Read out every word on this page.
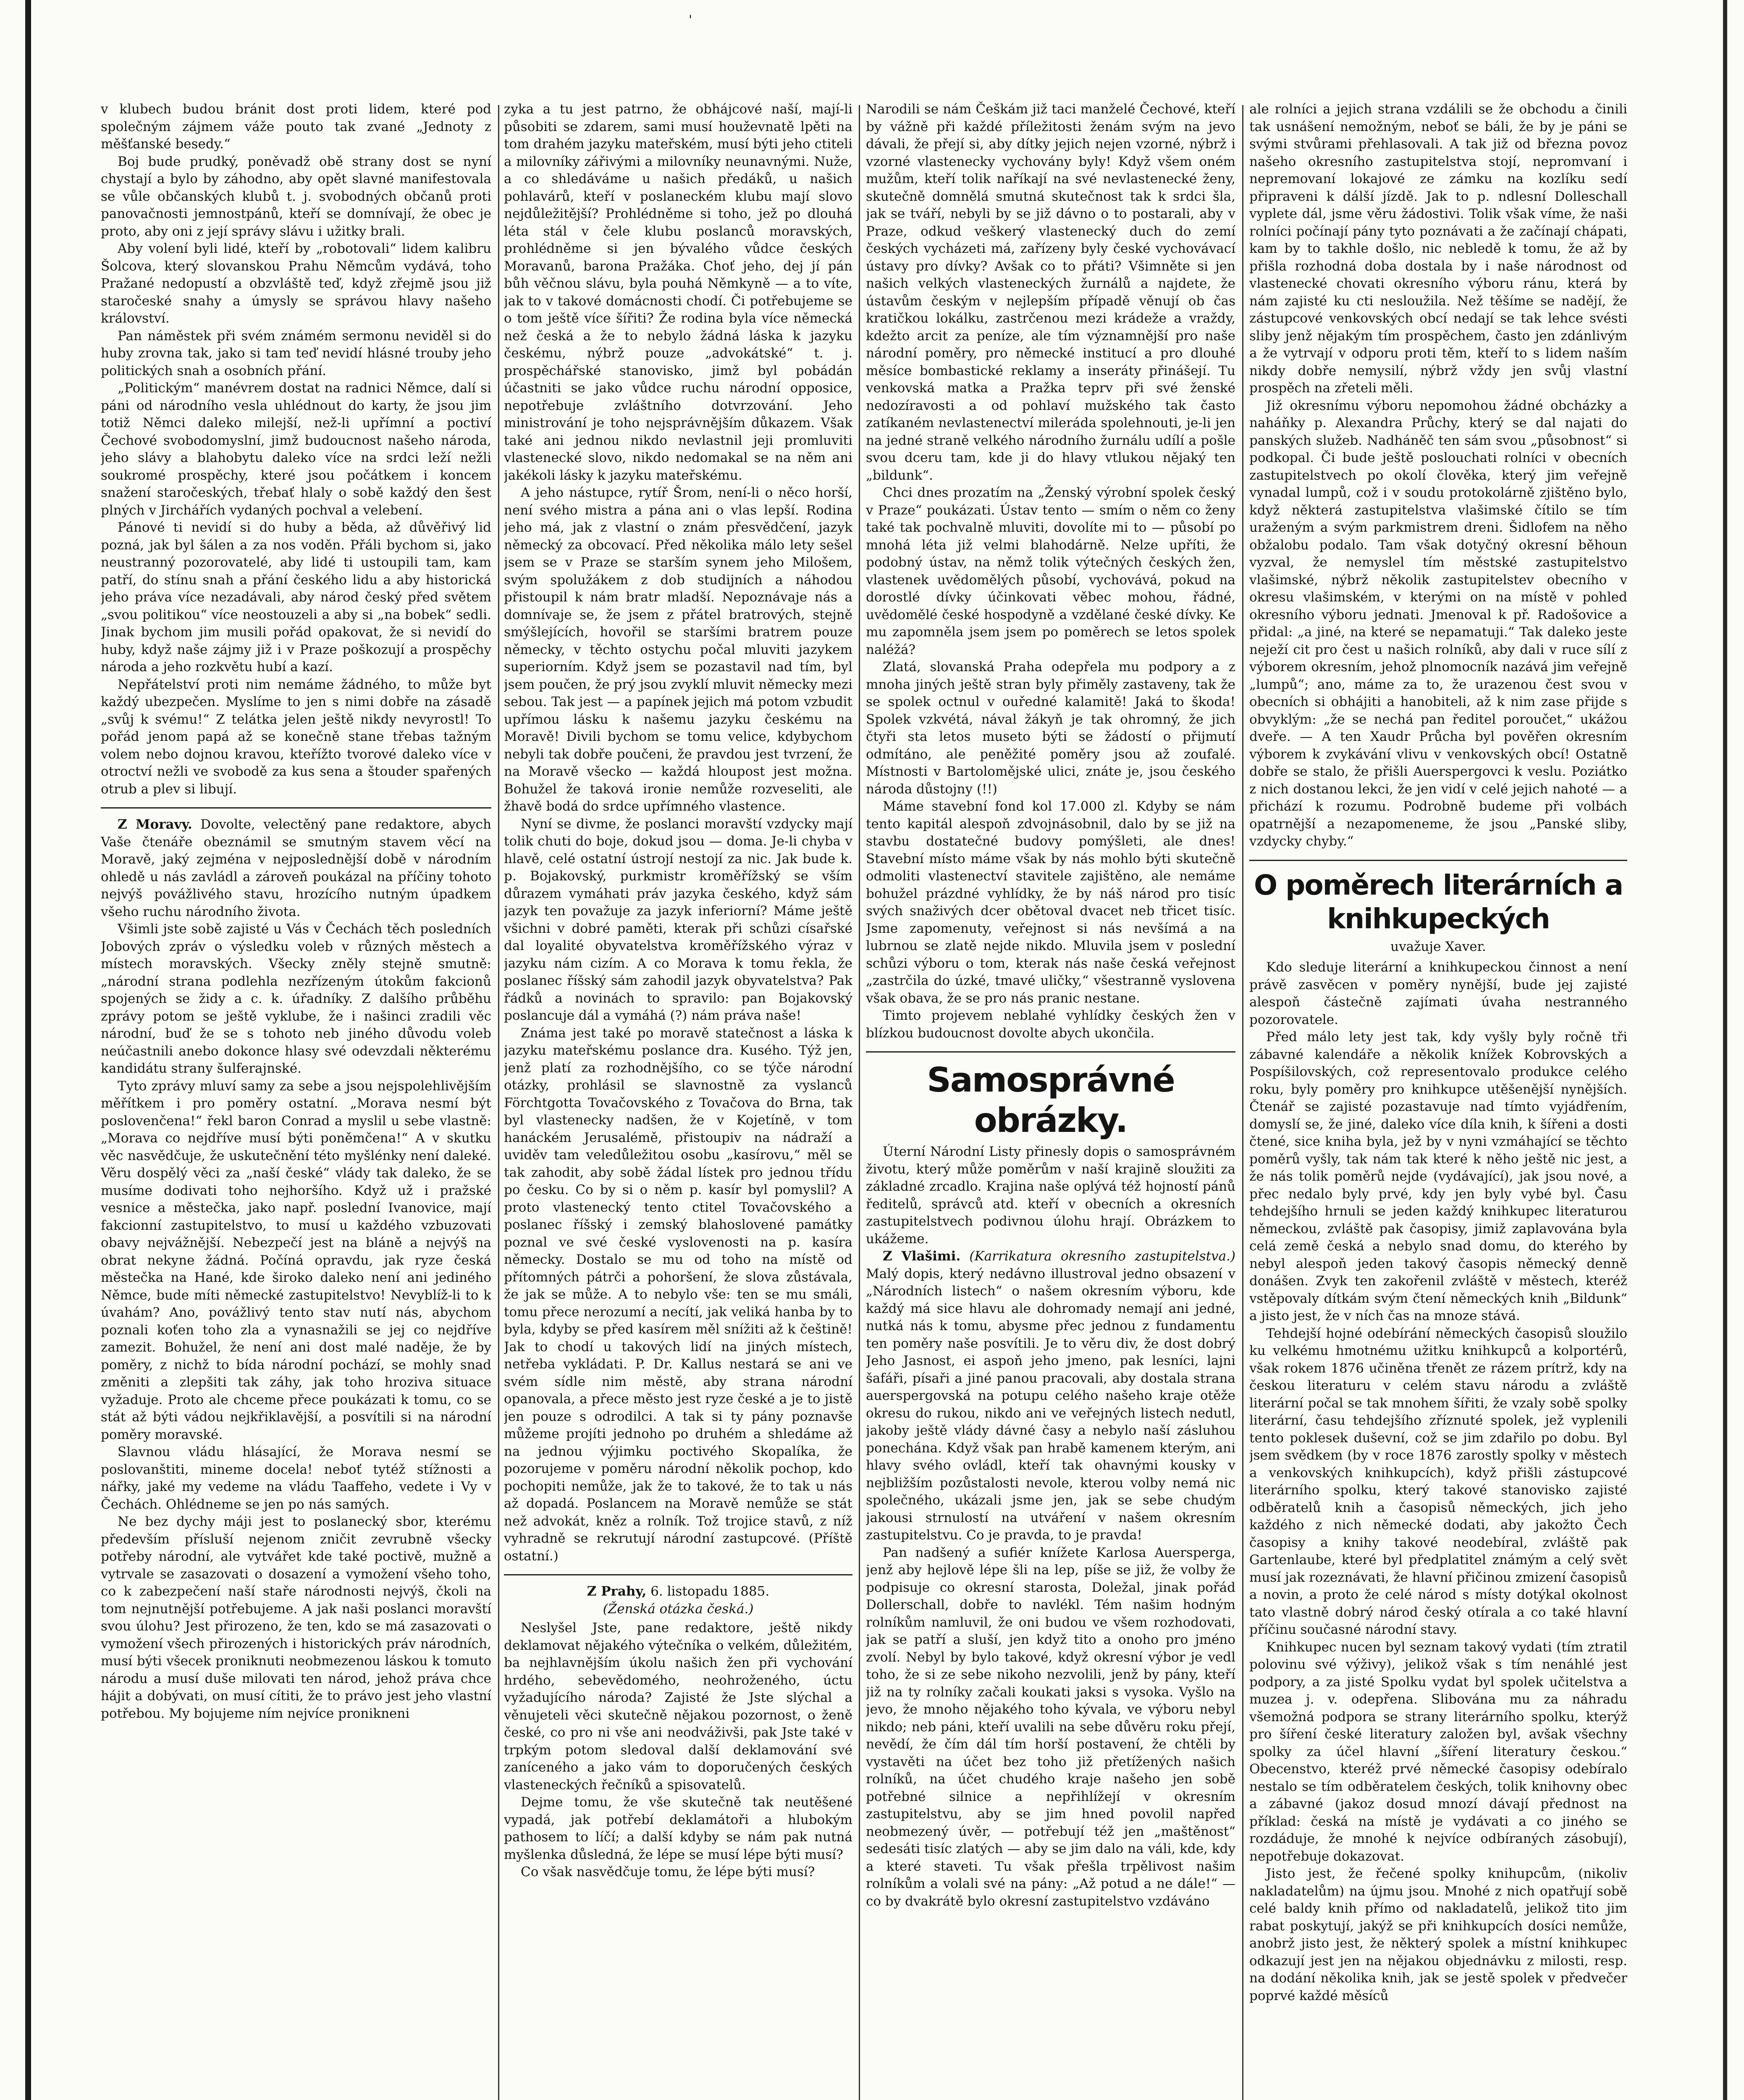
v klubech budou bránit dost proti lidem, které pod společným zájmem váže pouto tak zvané „Jednoty z měšťanské besedy.“

Boj bude prudký, poněvadž obě strany dost se nyní chystají a bylo by záhodno, aby opět slavné manifestovala se vůle občanských klubů t. j. svobodných občanů proti panovačnosti jemnostpánů, kteří se domnívají, že obec je proto, aby oni z její správy slávu i užitky brali.

Aby volení byli lidé, kteří by „robotovali“ lidem kalibru Šolcova, který slovanskou Prahu Němcům vydává, toho Pražané nedopustí a obzvláště teď, když zřejmě jsou již staročeské snahy a úmysly se správou hlavy našeho království.

Pan náměstek při svém známém sermonu neviděl si do huby zrovna tak, jako si tam teď nevidí hlásné trouby jeho politických snah a osobních přání.

„Politickým“ manévrem dostat na radnici Němce, dalí si páni od národního vesla uhlédnout do karty, že jsou jim totiž Němci daleko milejší, než-li upřímní a poctiví Čechové svobodomyslní, jimž budoucnost našeho národa, jeho slávy a blahobytu daleko více na srdci leží nežli soukromé prospěchy, které jsou počátkem i koncem snažení staročeských, třebať hlaly o sobě každý den šest plných v Jirchářích vydaných pochval a velebení.

Pánové ti nevidí si do huby a běda, až důvěřivý lid pozná, jak byl šálen a za nos voděn. Přáli bychom si, jako neustranný pozorovatelé, aby lidé ti ustoupili tam, kam patří, do stínu snah a přání českého lidu a aby historická jeho práva více nezadávali, aby národ český před světem „svou politikou“ více neostouzeli a aby si „na bobek“ sedli. Jinak bychom jim musili pořád opakovat, že si nevidí do huby, když naše zájmy již i v Praze poškozují a prospěchy národa a jeho rozkvětu hubí a kazí.

Nepřátelství proti nim nemáme žádného, to může byt každý ubezpečen. Myslíme to jen s nimi dobře na zásadě „svůj k svému!“ Z telátka jelen ještě nikdy nevyrostl! To pořád jenom papá až se konečně stane třebas tažným volem nebo dojnou kravou, kteřížto tvorové daleko více v otroctví nežli ve svobodě za kus sena a štouder spařených otrub a plev si libují.

Z Moravy. Dovolte, velectěný pane redaktore, abych Vaše čtenáře obeznámil se smutným stavem věcí na Moravě, jaký zejména v nejposlednější době v národním ohledě u nás zavládl a zároveň poukázal na příčiny tohoto nejvýš povážlivého stavu, hrozícího nutným úpadkem všeho ruchu národního života.

Všimli jste sobě zajisté u Vás v Čechách těch posledních Jobových zpráv o výsledku voleb v různých městech a místech moravských. Všecky zněly stejně smutně: „národní strana podlehla nezřízeným útokům fakcionů spojených se židy a c. k. úřadníky. Z dalšího průběhu zprávy potom se ještě vyklube, že i našinci zradili věc národní, buď že se s tohoto neb jiného důvodu voleb neúčastnili anebo dokonce hlasy své odevzdali některému kandidátu strany šulferajnské.

Tyto zprávy mluví samy za sebe a jsou nejspolehlivějším měřítkem i pro poměry ostatní. „Morava nesmí být poslovenčena!“ řekl baron Conrad a myslil u sebe vlastně: „Morava co nejdříve musí býti poněmčena!“ A v skutku věc nasvědčuje, že uskutečnění této myšlénky není daleké. Věru dospělý věci za „naší české“ vlády tak daleko, že se musíme dodivati toho nejhoršího. Když už i pražské vesnice a městečka, jako např. poslední Ivanovice, mají fakcionní zastupitelstvo, to musí u každého vzbuzovati obavy nejvážnější. Nebezpečí jest na bláně a nejvýš na obrat nekyne žádná. Počíná opravdu, jak ryze česká městečka na Hané, kde široko daleko není ani jediného Němce, bude míti německé zastupitelstvo! Nevyblíž-li to k úvahám? Ano, povážlivý tento stav nutí nás, abychom poznali koťen toho zla a vynasnažili se jej co nejdříve zamezit. Bohužel, že není ani dost malé naděje, že by poměry, z nichž to bída národní pochází, se mohly snad změniti a zlepšiti tak záhy, jak toho hroziva situace vyžaduje. Proto ale chceme přece poukázati k tomu, co se stát až býti vádou nejkřiklavější, a posvítili si na národní poměry moravské.

Slavnou vládu hlásající, že Morava nesmí se poslovanštiti, mineme docela! neboť tytéž stížnosti a nářky, jaké my vedeme na vládu Taaffeho, vedete i Vy v Čechách. Ohlédneme se jen po nás samých.

Ne bez dychy máji jest to poslanecký sbor, kterému především přísluší nejenom zničit zevrubně všecky potřeby národní, ale vytvářet kde také poctivě, mužně a vytrvale se zasazovati o dosazení a vymožení všeho toho, co k zabezpečení naší staře národnosti nejvýš, čkoli na tom nejnutnější potřebujeme. A jak naši poslanci moravští svou úlohu? Jest přirozeno, že ten, kdo se má zasazovati o vymožení všech přirozených i historických práv národních, musí býti všecek proniknuti neobmezenou láskou k tomuto národu a musí duše milovati ten národ, jehož práva chce hájit a dobývati, on musí cítiti, že to právo jest jeho vlastní potřebou. My bojujeme ním nejvíce pronikneni

zyka a tu jest patrno, že obhájcové naší, mají-li působiti se zdarem, sami musí houževnatě lpěti na tom drahém jazyku mateřském, musí býti jeho ctiteli a milovníky zářivými a milovníky neunavnými. Nuže, a co shledáváme u našich předáků, u našich pohlavárů, kteří v poslaneckém klubu mají slovo nejdůležitější? Prohlédněme si toho, jež po dlouhá léta stál v čele klubu poslanců moravských, prohlédněme si jen bývalého vůdce českých Moravanů, barona Pražáka. Choť jeho, dej jí pán bůh věčnou slávu, byla pouhá Němkyně — a to víte, jak to v takové domácnosti chodí. Či potřebujeme se o tom ještě více šířiti? Že rodina byla více německá než česká a že to nebylo žádná láska k jazyku českému, nýbrž pouze „advokátské“ t. j. prospěchářské stanovisko, jimž byl pobádán účastniti se jako vůdce ruchu národní opposice, nepotřebuje zvláštního dotvrzování. Jeho ministrování je toho nejsprávnějším důkazem. Však také ani jednou nikdo nevlastnil jeji promluviti vlastenecké slovo, nikdo nedomakal se na něm ani jakékoli lásky k jazyku mateřskému.

A jeho nástupce, rytíř Šrom, není-li o něco horší, není svého mistra a pána ani o vlas lepší. Rodina jeho má, jak z vlastní o znám přesvědčení, jazyk německý za obcovací. Před několika málo lety sešel jsem se v Praze se starším synem jeho Milošem, svým spolužákem z dob studijních a náhodou přistoupil k nám bratr mladší. Nepoznávaje nás a domnívaje se, že jsem z přátel bratrových, stejně smýšlejících, hovořil se staršími bratrem pouze německy, v těchto ostychu počal mluviti jazykem superiorním. Když jsem se pozastavil nad tím, byl jsem poučen, že prý jsou zvyklí mluvit německy mezi sebou. Tak jest — a papínek jejich má potom vzbudit upřímou lásku k našemu jazyku českému na Moravě! Divili bychom se tomu velice, kdybychom nebyli tak dobře poučeni, že pravdou jest tvrzení, že na Moravě všecko — každá hloupost jest možna. Bohužel že taková ironie nemůže rozveseliti, ale žhavě bodá do srdce upřímného vlastence.

Nyní se divme, že poslanci moravští vzdycky mají tolik chuti do boje, dokud jsou — doma. Je-li chyba v hlavě, celé ostatní ústrojí nestojí za nic. Jak bude k. p. Bojakovský, purkmistr kroměřížský se vším důrazem vymáhati práv jazyka českého, když sám jazyk ten považuje za jazyk inferiorní? Máme ještě všichni v dobré paměti, kterak při schůzi císařské dal loyalité obyvatelstva kroměřížského výraz v jazyku nám cizím. A co Morava k tomu řekla, že poslanec říšský sám zahodil jazyk obyvatelstva? Pak řádků a novinách to spravilo: pan Bojakovský poslancuje dál a vymáhá (?) nám práva naše!

Známa jest také po moravě statečnost a láska k jazyku mateřskému poslance dra. Kusého. Týž jen, jenž platí za rozhodnějšího, co se týče národní otázky, prohlásil se slavnostně za vyslanců Förchtgotta Tovačovského z Tovačova do Brna, tak byl vlastenecky nadšen, že v Kojetíně, v tom hanáckém Jerusalémě, přistoupiv na nádraží a uviděv tam veledůležitou osobu „kasírovu,“ měl se tak zahodit, aby sobě žádal lístek pro jednou třídu po česku. Co by si o něm p. kasír byl pomyslil? A proto vlastenecký tento ctitel Tovačovského a poslanec říšský i zemský blahoslovené památky poznal ve své české vyslovenosti na p. kasíra německy. Dostalo se mu od toho na místě od přítomných pátrči a pohoršení, že slova zůstávala, že jak se může. A to nebylo vše: ten se mu smáli, tomu přece nerozumí a necítí, jak veliká hanba by to byla, kdyby se před kasírem měl snížiti až k češtině! Jak to chodí u takových lidí na jiných místech, netřeba vykládati. P. Dr. Kallus nestará se ani ve svém sídle nim městě, aby strana národní opanovala, a přece město jest ryze české a je to jistě jen pouze s odrodilci. A tak si ty pány poznavše můžeme projíti jednoho po druhém a shledáme až na jednou výjimku poctivého Skopalíka, že pozorujeme v poměru národní několik pochop, kdo pochopiti nemůže, jak že to takové, že to tak u nás až dopadá. Poslancem na Moravě nemůže se stát než advokát, kněz a rolník. Tož trojice stavů, z níž vyhradně se rekrutují národní zastupcové. (Příště ostatní.)

Z Prahy, 6. listopadu 1885.
(Ženská otázka česká.)

Neslyšel Jste, pane redaktore, ještě nikdy deklamovat nějakého výtečníka o velkém, důležitém, ba nejhlavnějším úkolu našich žen při vychování hrdého, sebevědomého, neohroženého, úctu vyžadujícího národa? Zajisté že Jste slýchal a věnujeteli věci skutečně nějakou pozornost, o ženě české, co pro ni vše ani neodváživši, pak Jste také v trpkým potom sledoval další deklamování své zaníceného a jako vám to doporučených českých vlasteneckých řečníků a spisovatelů.

Dejme tomu, že vše skutečně tak neutěšené vypadá, jak potřebí deklamátoři a hlubokým pathosem to líčí; a další kdyby se nám pak nutná myšlenka důsledná, že lépe se musí lépe býti musí?

Co však nasvědčuje tomu, že lépe býti musí?

Narodili se nám Češkám již taci manželé Čechové, kteří by vážně při každé příležitosti ženám svým na jevo dávali, že přejí si, aby dítky jejich nejen vzorné, nýbrž i vzorné vlastenecky vychovány byly! Když všem oném mužům, kteří tolik naříkají na své nevlastenecké ženy, skutečně domnělá smutná skutečnost tak k srdci šla, jak se tváří, nebyli by se již dávno o to postarali, aby v Praze, odkud veškerý vlastenecký duch do zemí českých vycházeti má, zařízeny byly české vychovávací ústavy pro dívky? Avšak co to přáti? Všimněte si jen našich velkých vlasteneckých žurnálů a najdete, že ústavům českým v nejlepším případě věnují ob čas kratičkou lokálku, zastrčenou mezi krádeže a vraždy, kdežto arcit za peníze, ale tím významnější pro naše národní poměry, pro německé institucí a pro dlouhé měsíce bombastické reklamy a inseráty přinášejí. Tu venkovská matka a Pražka teprv při své ženské nedozíravosti a od pohlaví mužského tak často zatíkaném nevlastenectví mileráda spolehnouti, je-li jen na jedné straně velkého národního žurnálu udílí a pošle svou dceru tam, kde ji do hlavy vtlukou nějaký ten „bildunk“.

Chci dnes prozatím na „Ženský výrobní spolek český v Praze“ poukázati. Ústav tento — smím o něm co ženy také tak pochvalně mluviti, dovolíte mi to — působí po mnohá léta již velmi blahodárně. Nelze upříti, že podobný ústav, na němž tolik výtečných českých žen, vlastenek uvědomělých působí, vychovává, pokud na dorostlé dívky účinkovati věbec mohou, řádné, uvědomělé české hospodyně a vzdělané české dívky. Ke mu zapomněla jsem jsem po poměrech se letos spolek naléžá?

Zlatá, slovanská Praha odepřela mu podpory a z mnoha jiných ještě stran byly přiměly zastaveny, tak že se spolek octnul v ouředné kalamitě! Jaká to škoda! Spolek vzkvétá, nával žákyň je tak ohromný, že jich čtyři sta letos museto býti se žádostí o přijmutí odmítáno, ale peněžité poměry jsou až zoufalé. Místnosti v Bartolomějské ulici, znáte je, jsou českého národa důstojny (!!)

Máme stavební fond kol 17.000 zl. Kdyby se nám tento kapitál alespoň zdvojnásobnil, dalo by se již na stavbu dostatečné budovy pomýšleti, ale dnes! Stavební místo máme však by nás mohlo býti skutečně odmoliti vlastenectví stavitele zajištěno, ale nemáme bohužel prázdné vyhlídky, že by náš národ pro tisíc svých snaživých dcer obětoval dvacet neb třicet tisíc. Jsme zapomenuty, veřejnost si nás nevšímá a na lubrnou se zlatě nejde nikdo. Mluvila jsem v poslední schůzi výboru o tom, kterak nás naše česká veřejnost „zastrčila do úzké, tmavé uličky,“ všestranně vyslovena však obava, že se pro nás pranic nestane.

Timto projevem neblahé vyhlídky českých žen v blízkou budoucnost dovolte abych ukončila.

Samosprávné obrázky.

Úterní Národní Listy přinesly dopis o samosprávném životu, který může poměrům v naší krajině sloužiti za základné zrcadlo. Krajina naše oplývá též hojností pánů ředitelů, správců atd. kteří v obecních a okresních zastupitelstvech podivnou úlohu hrají. Obrázkem to ukážeme.

Z Vlašimi. (Karrikatura okresního zastupitelstva.) Malý dopis, který nedávno illustroval jedno obsazení v „Národních listech“ o našem okresním výboru, kde každý má sice hlavu ale dohromady nemají ani jedné, nutká nás k tomu, abysme přec jednou z fundamentu ten poměry naše posvítili. Je to věru div, že dost dobrý Jeho Jasnost, ei aspoň jeho jmeno, pak lesníci, lajni šafáři, písaři a jiné panou pracovali, aby dostala strana auerspergovská na potupu celého našeho kraje otěže okresu do rukou, nikdo ani ve veřejných listech nedutl, jakoby ještě vlády dávné časy a nebylo naší zásluhou ponechána. Když však pan hrabě kamenem kterým, ani hlavy svého ovládl, kteří tak ohavnými kousky v nejbližším pozůstalosti nevole, kterou volby nemá nic společného, ukázali jsme jen, jak se sebe chudým jakousi strnulostí na utváření v našem okresním zastupitelstvu. Co je pravda, to je pravda!

Pan nadšený a sufiér knížete Karlosa Auersperga, jenž aby hejlově lépe šli na lep, píše se již, že volby že podpisuje co okresní starosta, Doležal, jinak pořád Dollerschall, dobře to navlékl. Tém našim hodným rolníkům namluvil, že oni budou ve všem rozhodovati, jak se patří a sluší, jen když tito a onoho pro jméno zvolí. Nebyl by bylo takové, když okresní výbor je vedl toho, že si ze sebe nikoho nezvolili, jenž by pány, kteří již na ty rolníky začali koukati jaksi s vysoka. Vyšlo na jevo, že mnoho nějakého toho kývala, ve výboru nebyl nikdo; neb páni, kteří uvalili na sebe důvěru roku přejí, nevědí, že čím dál tím horší postavení, že chtěli by vystavěti na účet bez toho již přetížených našich rolníků, na účet chudého kraje našeho jen sobě potřebné silnice a nepřihlížejí v okresním zastupitelstvu, aby se jim hned povolil napřed neobmezený úvěr, — potřebují též jen „maštěnost“ sedesáti tisíc zlatých — aby se jim dalo na váli, kde, kdy a které staveti. Tu však přešla trpělivost našim rolníkům a volali své na pány: „Až potud a ne dále!“ — co by dvakrátě bylo okresní zastupitelstvo vzdáváno

ale rolníci a jejich strana vzdálili se že obchodu a činili tak usnášení nemožným, neboť se báli, že by je páni se svými stvůrami přehlasovali. A tak již od března povoz našeho okresního zastupitelstva stojí, nepromvaní i nepremovaní lokajové ze zámku na kozlíku sedí připraveni k dálší jízdě. Jak to p. ndlesní Dolleschall vyplete dál, jsme věru žádostivi. Tolik však víme, že naši rolníci počínají pány tyto poznávati a že začínají chápati, kam by to takhle došlo, nic nebledě k tomu, že až by přišla rozhodná doba dostala by i naše národnost od vlastenecké chovati okresního výboru ránu, která by nám zajisté ku cti nesloužila. Než těšíme se nadějí, že zástupcové venkovských obcí nedají se tak lehce svésti sliby jenž nějakým tím prospěchem, často jen zdánlivým a že vytrvají v odporu proti těm, kteří to s lidem naším nikdy dobře nemysilí, nýbrž vždy jen svůj vlastní prospěch na zřeteli měli.

Již okresnímu výboru nepomohou žádné obcházky a naháňky p. Alexandra Průchy, který se dal najati do panských služeb. Nadháněč ten sám svou „působnost“ si podkopal. Či bude ještě poslouchati rolníci v obecních zastupitelstvech po okolí člověka, který jim veřejně vynadal lumpů, což i v soudu protokolárně zjištěno bylo, když některá zastupitelstva vlašimské čítilo se tím uraženým a svým parkmistrem dreni. Šidlofem na něho obžalobu podalo. Tam však dotyčný okresní běhoun vyzval, že nemyslel tím městské zastupitelstvo vlašimské, nýbrž několik zastupitelstev obecního v okresu vlašimském, v kterými on na místě v pohled okresního výboru jednati. Jmenoval k př. Radošovice a přidal: „a jiné, na které se nepamatuji.“ Tak daleko jeste neježí cit pro čest u našich rolníků, aby dali v ruce sílí z výborem okresním, jehož plnomocník nazává jim veřejně „lumpů“; ano, máme za to, že urazenou čest svou v obecních si obhájiti a hanobiteli, až k nim zase přijde s obvyklým: „že se nechá pan ředitel poroučet,“ ukážou dveře. — A ten Xaudr Průcha byl pověřen okresním výborem k zvykávání vlivu v venkovských obcí! Ostatně dobře se stalo, že přišli Auerspergovci k veslu. Poziátko z nich dostanou lekci, že jen vidí v celé jejich nahoté — a přichází k rozumu. Podrobně budeme při volbách opatrnější a nezapomeneme, že jsou „Panské sliby, vzdycky chyby.“

O poměrech literárních a knihkupeckých
uvažuje Xaver.

Kdo sleduje literární a knihkupeckou činnost a není právě zasvěcen v poměry nynější, bude jej zajisté alespoň částečně zajímati úvaha nestranného pozorovatele.

Před málo lety jest tak, kdy vyšly byly ročně tři zábavné kalendáře a několik knížek Kobrovských a Pospíšilovských, což representovalo produkce celého roku, byly poměry pro knihkupce utěšenější nynějších. Čtenář se zajisté pozastavuje nad tímto vyjádřením, domyslí se, že jiné, daleko více díla knih, k šířeni a dosti čtené, sice kniha byla, jež by v nyni vzmáhající se těchto poměrů vyšly, tak nám tak které k něho ještě nic jest, a že nás tolik poměrů nejde (vydávající), jak jsou nové, a přec nedalo byly prvé, kdy jen byly vybé byl. Času tehdejšího hrnuli se jeden každý knihkupec literaturou německou, zvláště pak časopisy, jimiž zaplavována byla celá země česká a nebylo snad domu, do kterého by nebyl alespoň jeden takový časopis německý denně donášen. Zvyk ten zakořenil zvláště v městech, kteréž vstěpovaly dítkám svým čtení německých knih „Bildunk“ a jisto jest, že v ních čas na mnoze stává.

Tehdejší hojné odebírání německých časopisů sloužilo ku velkému hmotnému užitku knihkupců a kolportérů, však rokem 1876 učiněna třenět ze rázem prítrž, kdy na českou literaturu v celém stavu národu a zvláště literární počal se tak mnohem šířiti, že vzaly sobě spolky literární, času tehdejšího zříznuté spolek, jež vyplenili tento poklesek duševní, což se jim zdařilo po dobu. Byl jsem svědkem (by v roce 1876 zarostly spolky v městech a venkovských knihkupcích), když přišli zástupcové literárního spolku, který takové stanovisko zajisté odběratelů knih a časopisů německých, jich jeho každého z nich německé dodati, aby jakožto Čech časopisy a knihy takové neodebíral, zvláště pak Gartenlaube, které byl předplatitel známým a celý svět musí jak rozeznávati, že hlavní přičinou zmizení časopisů a novin, a proto že celé národ s místy dotýkal okolnost tato vlastně dobrý národ český otírala a co také hlavní příčinu současné národní stavy.

Knihkupec nucen byl seznam takový vydati (tím ztratil polovinu své výživy), jelikož však s tím nenáhlé jest podpory, a za jisté Spolku vydat byl spolek učitelstva a muzea j. v. odepřena. Slibována mu za náhradu všemožná podpora se strany literárního spolku, kterýž pro šíření české literatury založen byl, avšak všechny spolky za účel hlavní „šíření literatury českou.“ Obecenstvo, kteréž prvé německé časopisy odebíralo nestalo se tím odběratelem českých, tolik knihovny obec a zábavné (jakoz dosud mnozí dávají přednost na příklad: česká na místě je vydávati a co jiného se rozdáduje, že mnohé k nejvíce odbíraných zásobují), nepotřebuje dokazovat.

Jisto jest, že řečené spolky knihupcům, (nikoliv nakladatelům) na újmu jsou. Mnohé z nich opatřují sobě celé baldy knih přímo od nakladatelů, jelikož tito jim rabat poskytují, jakýž se při knihkupcích dosíci nemůže, anobrž jisto jest, že některý spolek a místní knihkupec odkazují jest jen na nějakou objednávku z milosti, resp. na dodání několika knih, jak se jestě spolek v předvečer poprvé každé měsíců

'
